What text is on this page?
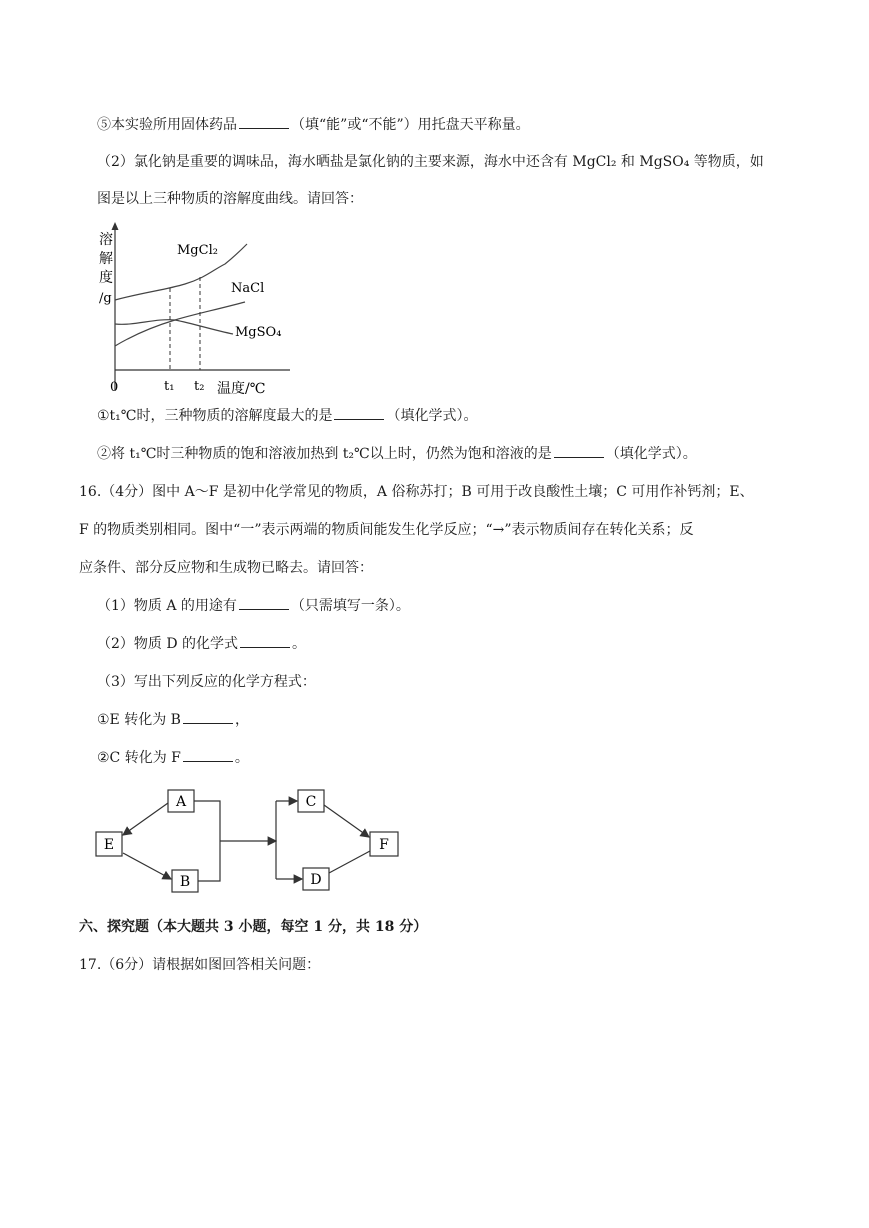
⑤本实验所用固体药品	（填“能”或“不能”）用托盘天平称量。
（2）氯化钠是重要的调味品，海水晒盐是氯化钠的主要来源，海水中还含有 MgCl₂ 和 MgSO₄ 等物质，如
图是以上三种物质的溶解度曲线。请回答：
溶
解
度
/g
MgCl₂
NaCl
MgSO₄
0	t₁ t₂ 温度/℃
①t₁℃时，三种物质的溶解度最大的是	（填化学式）。
②将 t₁℃时三种物质的饱和溶液加热到 t₂℃以上时，仍然为饱和溶液的是	（填化学式）。
16.（4分）图中 A～F 是初中化学常见的物质，A 俗称苏打；B 可用于改良酸性土壤；C 可用作补钙剂；E、
F 的物质类别相同。图中“一”表示两端的物质间能发生化学反应；“→”表示物质间存在转化关系；反
应条件、部分反应物和生成物已略去。请回答：
（1）物质 A 的用途有	（只需填写一条）。
（2）物质 D 的化学式	。
（3）写出下列反应的化学方程式：
①E 转化为 B	，
②C 转化为 F	。
A
B
C
D
E	F
六、探究题（本大题共 3 小题，每空 1 分，共 18 分）
17.（6分）请根据如图回答相关问题：
